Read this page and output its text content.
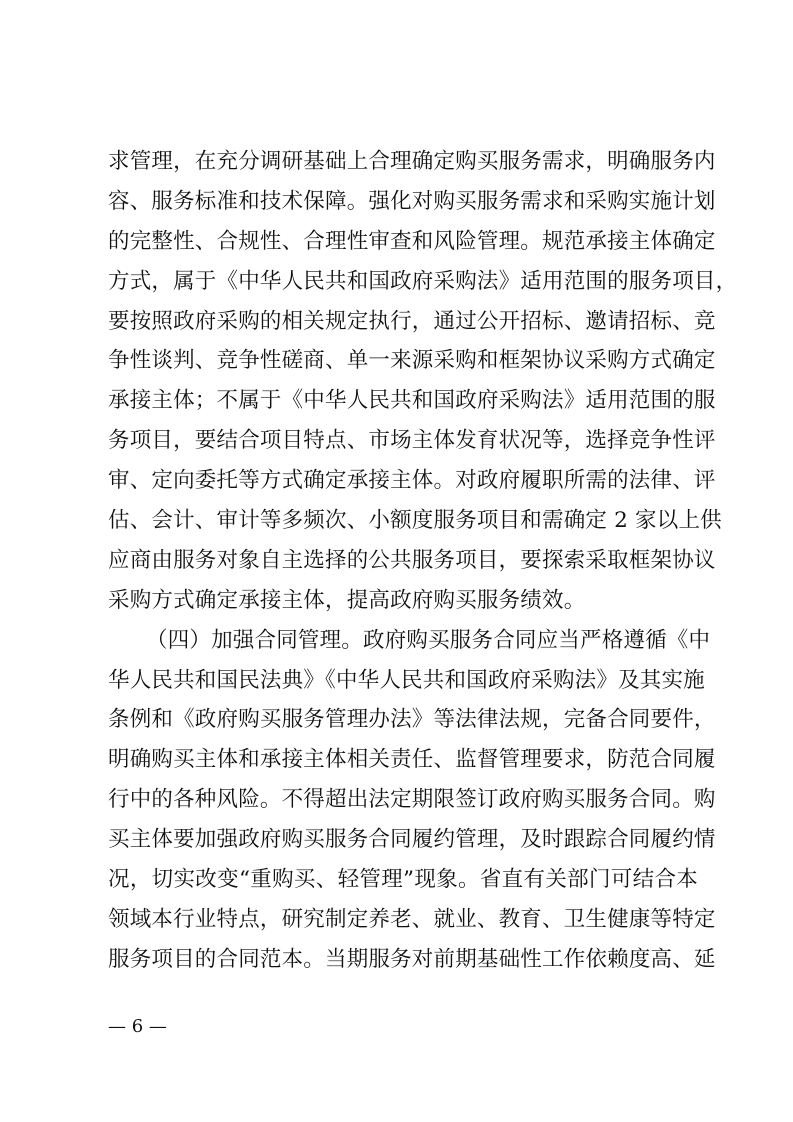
求管理，在充分调研基础上合理确定购买服务需求，明确服务内
容、服务标准和技术保障。强化对购买服务需求和采购实施计划
的完整性、合规性、合理性审查和风险管理。规范承接主体确定
方式，属于《中华人民共和国政府采购法》适用范围的服务项目，
要按照政府采购的相关规定执行，通过公开招标、邀请招标、竞
争性谈判、竞争性磋商、单一来源采购和框架协议采购方式确定
承接主体；不属于《中华人民共和国政府采购法》适用范围的服
务项目，要结合项目特点、市场主体发育状况等，选择竞争性评
审、定向委托等方式确定承接主体。对政府履职所需的法律、评
估、会计、审计等多频次、小额度服务项目和需确定 2 家以上供
应商由服务对象自主选择的公共服务项目，要探索采取框架协议
采购方式确定承接主体，提高政府购买服务绩效。
（四）加强合同管理。政府购买服务合同应当严格遵循《中
华人民共和国民法典》《中华人民共和国政府采购法》及其实施
条例和《政府购买服务管理办法》等法律法规，完备合同要件，
明确购买主体和承接主体相关责任、监督管理要求，防范合同履
行中的各种风险。不得超出法定期限签订政府购买服务合同。购
买主体要加强政府购买服务合同履约管理，及时跟踪合同履约情
况，切实改变“重购买、轻管理”现象。省直有关部门可结合本
领域本行业特点，研究制定养老、就业、教育、卫生健康等特定
服务项目的合同范本。当期服务对前期基础性工作依赖度高、延
— 6 —
